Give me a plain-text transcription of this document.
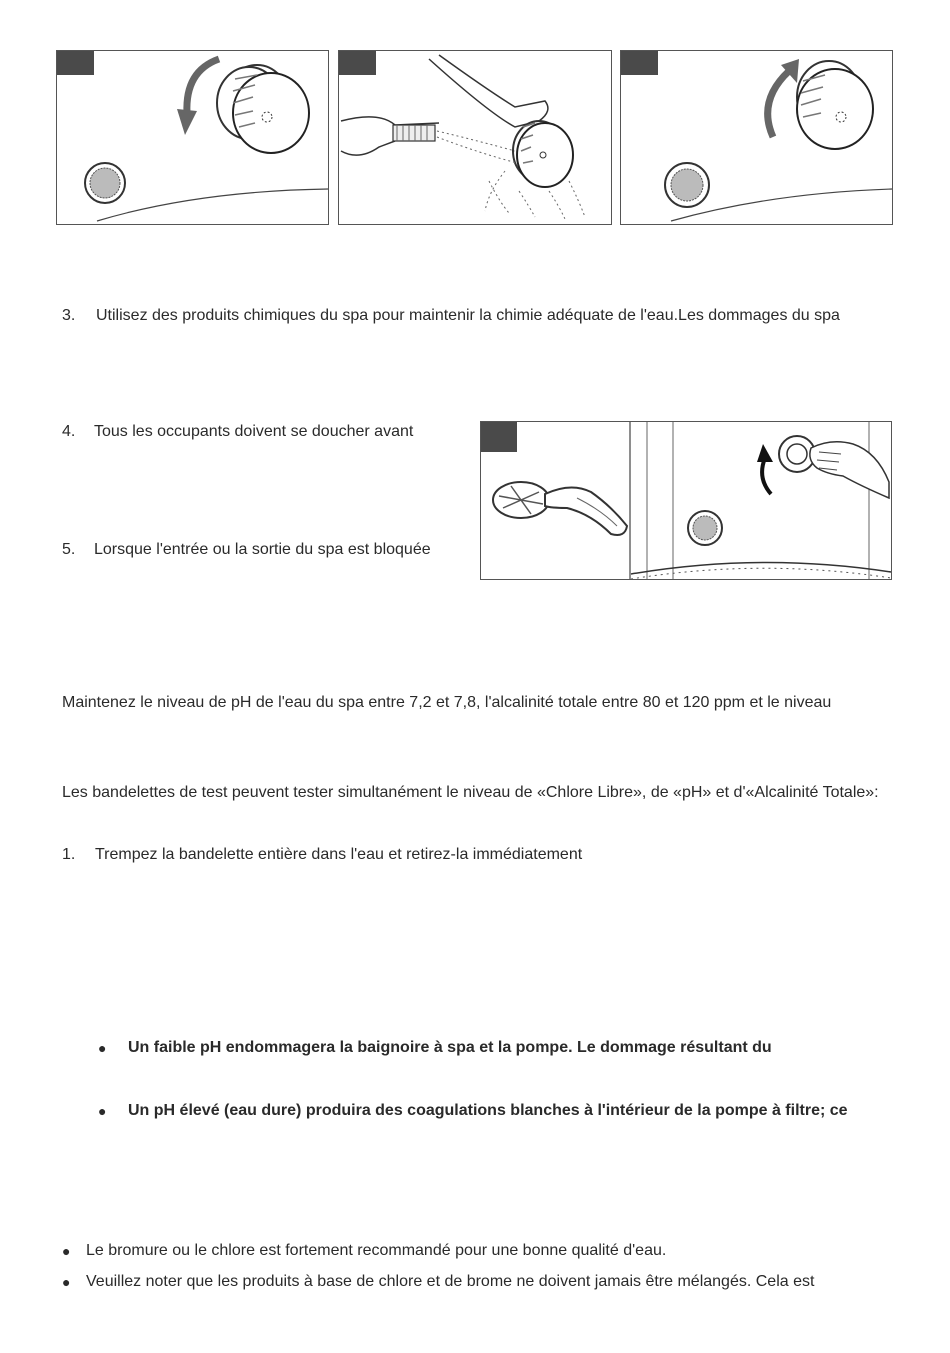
3. Utilisez des produits chimiques du spa pour maintenir la chimie adéquate de l'eau.Les dommages du spa
4. Tous les occupants doivent se doucher avant
5. Lorsque l'entrée ou la sortie du spa est bloquée
Maintenez le niveau de pH de l'eau du spa entre 7,2 et 7,8, l'alcalinité totale entre 80 et 120 ppm et le niveau
Les bandelettes de test peuvent tester simultanément le niveau de «Chlore Libre», de «pH» et d'«Alcalinité Totale»:
1. Trempez la bandelette entière dans l'eau et retirez-la immédiatement
● Un faible pH endommagera la baignoire à spa et la pompe. Le dommage résultant du
● Un pH élevé (eau dure) produira des coagulations blanches à l'intérieur de la pompe à filtre; ce
● Le bromure ou le chlore est fortement recommandé pour une bonne qualité d'eau.
● Veuillez noter que les produits à base de chlore et de brome ne doivent jamais être mélangés. Cela est
